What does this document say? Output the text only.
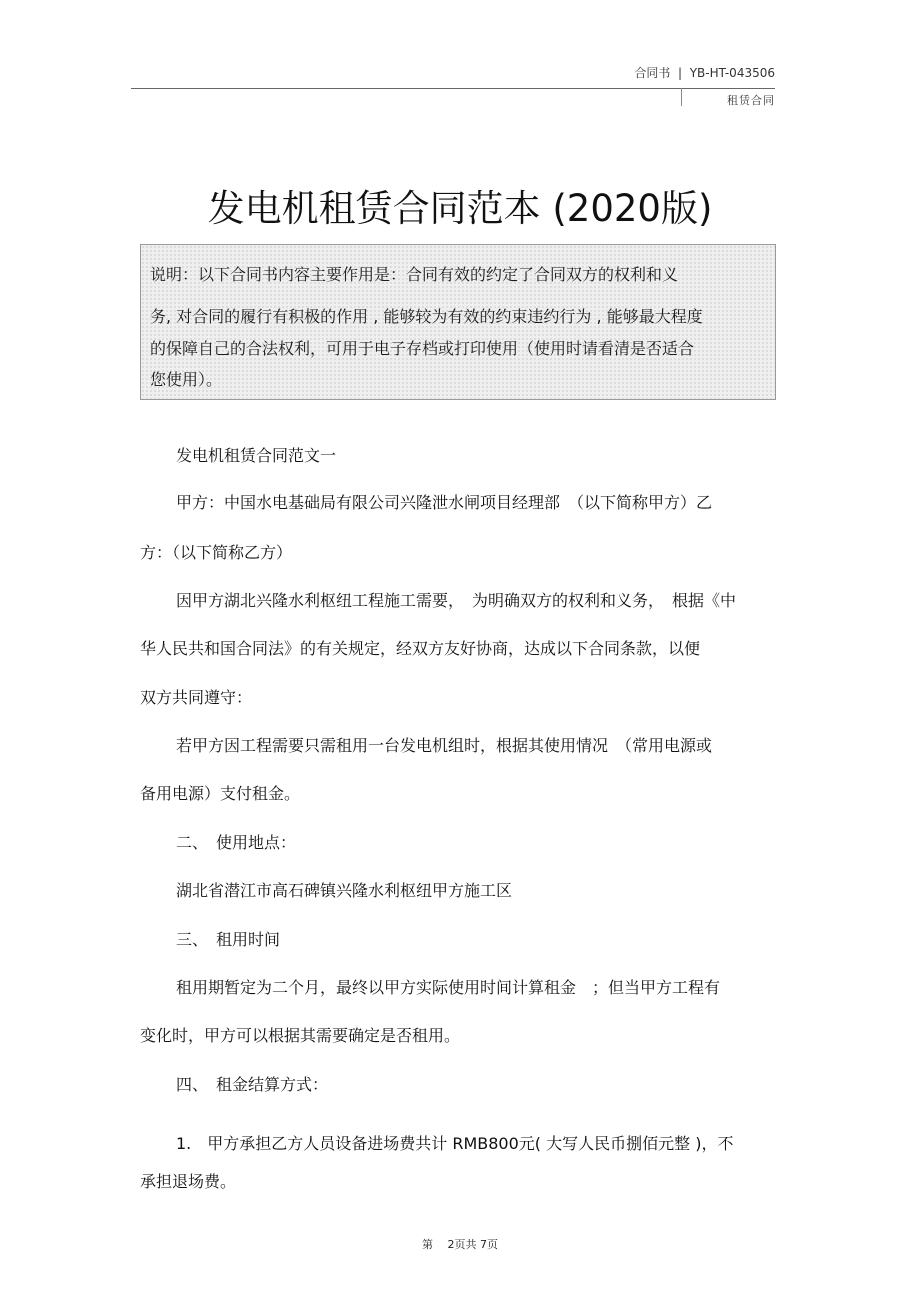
合同书  |  YB-HT-043506
租赁合同
发电机租赁合同范本 (2020版)
说明：以下合同书内容主要作用是：合同有效的约定了合同双方的权利和义
务, 对合同的履行有积极的作用 , 能够较为有效的约束违约行为 , 能够最大程度
的保障自己的合法权利，可用于电子存档或打印使用（使用时请看清是否适合
您使用）。
发电机租赁合同范文一
甲方：中国水电基础局有限公司兴隆泄水闸项目经理部　（以下简称甲方）乙
方：（以下简称乙方）
因甲方湖北兴隆水利枢纽工程施工需要，　为明确双方的权利和义务，　根据《中
华人民共和国合同法》的有关规定，经双方友好协商，达成以下合同条款，以便
双方共同遵守：
若甲方因工程需要只需租用一台发电机组时，根据其使用情况　（常用电源或
备用电源）支付租金。
二、　使用地点：
湖北省潜江市高石碑镇兴隆水利枢纽甲方施工区
三、　租用时间
租用期暂定为二个月，最终以甲方实际使用时间计算租金　；但当甲方工程有
变化时，甲方可以根据其需要确定是否租用。
四、　租金结算方式：
1.　甲方承担乙方人员设备进场费共计 RMB800元( 大写人民币捌佰元整 )，不
承担退场费。
第　 2页共 7页
